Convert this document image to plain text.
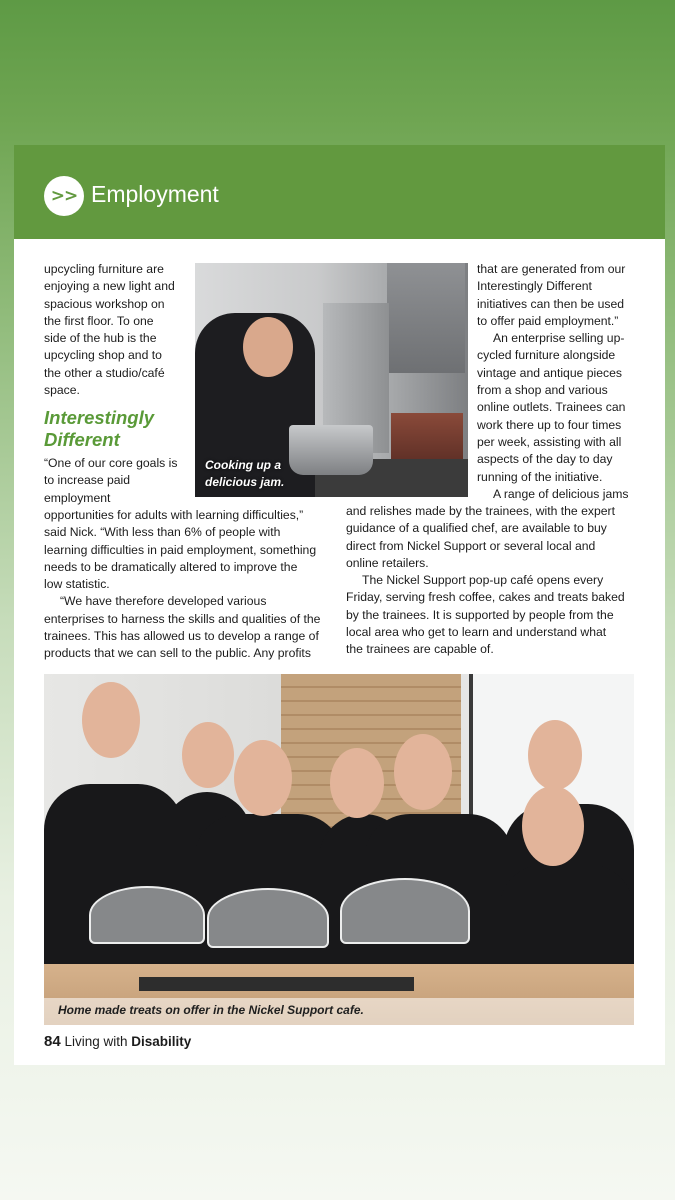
>> Employment

upcycling furniture are

enjoying a new light and

spacious workshop on

the first floor. To one

side of the hub is the

upcycling shop and to

the other a studio/café

space.

Interestingly
Different

“One of our core goals is

to increase paid

employment

opportunities for adults with learning difficulties,”

said Nick. “With less than 6% of people with

learning difficulties in paid employment, something

needs to be dramatically altered to improve the

low statistic.

“We have therefore developed various

enterprises to harness the skills and qualities of the

trainees. This has allowed us to develop a range of

products that we can sell to the public. Any profits

that are generated from our

Interestingly Different

initiatives can then be used

to offer paid employment.”

An enterprise selling up-

cycled furniture alongside

vintage and antique pieces

from a shop and various

online outlets. Trainees can

work there up to four times

per week, assisting with all

aspects of the day to day

running of the initiative.

A range of delicious jams

and relishes made by the trainees, with the expert

guidance of a qualified chef, are available to buy

direct from Nickel Support or several local and

online retailers.

The Nickel Support pop-up café opens every

Friday, serving fresh coffee, cakes and treats baked

by the trainees. It is supported by people from the

local area who get to learn and understand what

the trainees are capable of.

Cooking up a
delicious jam.
Home made treats on offer in the Nickel Support cafe.
84 Living with Disability
